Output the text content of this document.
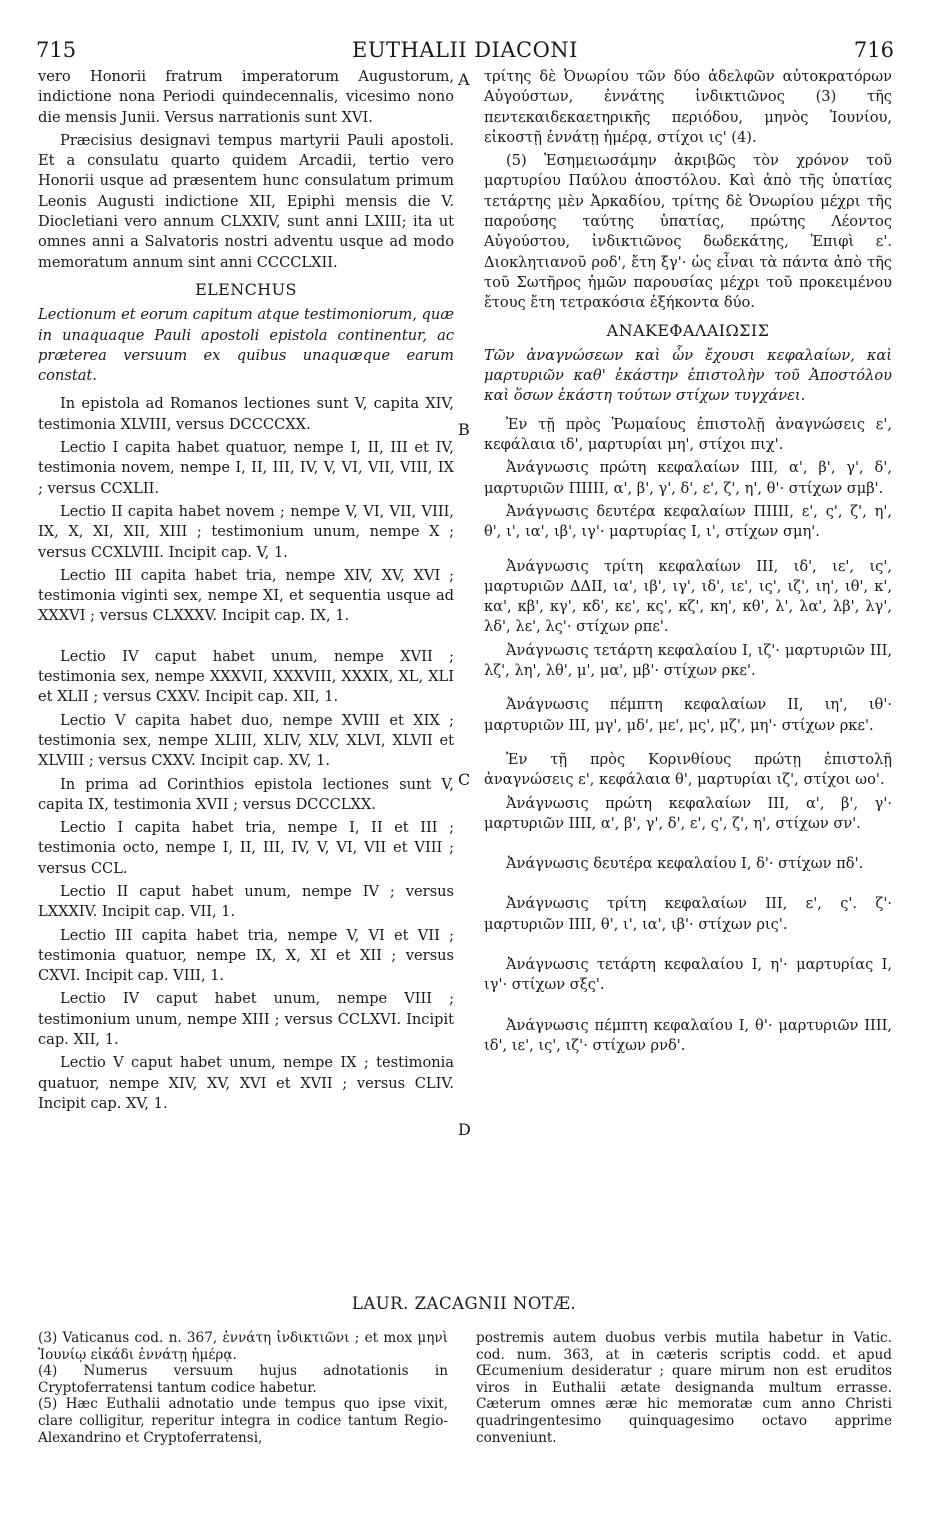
715	EUTHALII DIACONI	716
A
B
C
D

vero Honorii fratrum imperatorum Augustorum, indictione nona Periodi quindecennalis, vicesimo nono die mensis Junii. Versus narrationis sunt XVI.

Præcisius designavi tempus martyrii Pauli apostoli. Et a consulatu quarto quidem Arcadii, tertio vero Honorii usque ad præsentem hunc consulatum primum Leonis Augusti indictione XII, Epiphi mensis die V. Diocletiani vero annum CLXXIV, sunt anni LXIII; ita ut omnes anni a Salvatoris nostri adventu usque ad modo memoratum annum sint anni CCCCLXII.

ELENCHUS

Lectionum et eorum capitum atque testimoniorum, quæ in unaquaque Pauli apostoli epistola continentur, ac præterea versuum ex quibus unaquæque earum constat.

In epistola ad Romanos lectiones sunt V, capita XIV, testimonia XLVIII, versus DCCCCXX.

Lectio I capita habet quatuor, nempe I, II, III et IV, testimonia novem, nempe I, II, III, IV, V, VI, VII, VIII, IX ; versus CCXLII.

Lectio II capita habet novem ; nempe V, VI, VII, VIII, IX, X, XI, XII, XIII ; testimonium unum, nempe X ; versus CCXLVIII. Incipit cap. V, 1.

Lectio III capita habet tria, nempe XIV, XV, XVI ; testimonia viginti sex, nempe XI, et sequentia usque ad XXXVI ; versus CLXXXV. Incipit cap. IX, 1.

Lectio IV caput habet unum, nempe XVII ; testimonia sex, nempe XXXVII, XXXVIII, XXXIX, XL, XLI et XLII ; versus CXXV. Incipit cap. XII, 1.

Lectio V capita habet duo, nempe XVIII et XIX ; testimonia sex, nempe XLIII, XLIV, XLV, XLVI, XLVII et XLVIII ; versus CXXV. Incipit cap. XV, 1.

In prima ad Corinthios epistola lectiones sunt V, capita IX, testimonia XVII ; versus DCCCLXX.

Lectio I capita habet tria, nempe I, II et III ; testimonia octo, nempe I, II, III, IV, V, VI, VII et VIII ; versus CCL.

Lectio II caput habet unum, nempe IV ; versus LXXXIV. Incipit cap. VII, 1.

Lectio III capita habet tria, nempe V, VI et VII ; testimonia quatuor, nempe IX, X, XI et XII ; versus CXVI. Incipit cap. VIII, 1.

Lectio IV caput habet unum, nempe VIII ; testimonium unum, nempe XIII ; versus CCLXVI. Incipit cap. XII, 1.

Lectio V caput habet unum, nempe IX ; testimonia quatuor, nempe XIV, XV, XVI et XVII ; versus CLIV. Incipit cap. XV, 1.

τρίτης δὲ Ὀνωρίου τῶν δύο ἀδελφῶν αὐτοκρατόρων Αὐγούστων, ἐννάτης ἰνδικτιῶνος (3) τῆς πεντεκαιδεκαετηρικῆς περιόδου, μηνὸς Ἰουνίου, εἰκοστῇ ἐννάτῃ ἡμέρᾳ, στίχοι ις' (4).

(5) Ἐσημειωσάμην ἀκριβῶς τὸν χρόνον τοῦ μαρτυρίου Παύλου ἀποστόλου. Καὶ ἀπὸ τῆς ὑπατίας τετάρτης μὲν Ἀρκαδίου, τρίτης δὲ Ὀνωρίου μέχρι τῆς παρούσης ταύτης ὑπατίας, πρώτης Λέοντος Αὐγούστου, ἰνδικτιῶνος δωδεκάτης, Ἐπιφὶ ε'. Διοκλητιανοῦ ροδ', ἔτη ξγ'· ὡς εἶναι τὰ πάντα ἀπὸ τῆς τοῦ Σωτῆρος ἡμῶν παρουσίας μέχρι τοῦ προκειμένου ἔτους ἔτη τετρακόσια ἑξήκοντα δύο.

ΑΝΑΚΕΦΑΛΑΙΩΣΙΣ

Τῶν ἀναγνώσεων καὶ ὧν ἔχουσι κεφαλαίων, καὶ μαρτυριῶν καθ' ἑκάστην ἐπιστολὴν τοῦ Ἀποστόλου καὶ ὅσων ἑκάστη τούτων στίχων τυγχάνει.

Ἐν τῇ πρὸς Ῥωμαίους ἐπιστολῇ ἀναγνώσεις ε', κεφάλαια ιδ', μαρτυρίαι μη', στίχοι πιχ'.

Ἀνάγνωσις πρώτη κεφαλαίων ΙΙΙΙ, α', β', γ', δ', μαρτυριῶν ΠΙΙΙΙ, α', β', γ', δ', ε', ζ', η', θ'· στίχων σμβ'.

Ἀνάγνωσις δευτέρα κεφαλαίων ΠΙΙΙΙ, ε', ς', ζ', η', θ', ι', ια', ιβ', ιγ'· μαρτυρίας Ι, ι', στίχων σμη'.

Ἀνάγνωσις τρίτη κεφαλαίων ΙΙΙ, ιδ', ιε', ις', μαρτυριῶν ΔΔΙΙ, ια', ιβ', ιγ', ιδ', ιε', ις', ιζ', ιη', ιθ', κ', κα', κβ', κγ', κδ', κε', κς', κζ', κη', κθ', λ', λα', λβ', λγ', λδ', λε', λς'· στίχων ρπε'.

Ἀνάγνωσις τετάρτη κεφαλαίου Ι, ιζ'· μαρτυριῶν ΙΙΙ, λζ', λη', λθ', μ', μα', μβ'· στίχων ρκε'.

Ἀνάγνωσις πέμπτη κεφαλαίων ΙΙ, ιη', ιθ'· μαρτυριῶν ΙΙΙ, μγ', μδ', με', μς', μζ', μη'· στίχων ρκε'.

Ἐν τῇ πρὸς Κορινθίους πρώτῃ ἐπιστολῇ ἀναγνώσεις ε', κεφάλαια θ', μαρτυρίαι ιζ', στίχοι ωο'.

Ἀνάγνωσις πρώτη κεφαλαίων ΙΙΙ, α', β', γ'· μαρτυριῶν ΙΙΙΙ, α', β', γ', δ', ε', ς', ζ', η', στίχων σν'.

Ἀνάγνωσις δευτέρα κεφαλαίου Ι, δ'· στίχων πδ'.

Ἀνάγνωσις τρίτη κεφαλαίων ΙΙΙ, ε', ς'. ζ'· μαρτυριῶν ΙΙΙΙ, θ', ι', ια', ιβ'· στίχων ρις'.

Ἀνάγνωσις τετάρτη κεφαλαίου Ι, η'· μαρτυρίας Ι, ιγ'· στίχων σξς'.

Ἀνάγνωσις πέμπτη κεφαλαίου Ι, θ'· μαρτυριῶν ΙΙΙΙ, ιδ', ιε', ις', ιζ'· στίχων ρνδ'.

LAUR. ZACAGNII NOTÆ.

(3) Vaticanus cod. n. 367, ἐννάτη ἰνδικτιῶνι ; et mox μηνὶ Ἰουνίῳ εἰκάδι ἐννάτῃ ἡμέρᾳ.

(4) Numerus versuum hujus adnotationis in Cryptoferratensi tantum codice habetur.

(5) Hæc Euthalii adnotatio unde tempus quo ipse vixit, clare colligitur, reperitur integra in codice tantum Regio-Alexandrino et Cryptoferratensi,

postremis autem duobus verbis mutila habetur in Vatic. cod. num. 363, at in cæteris scriptis codd. et apud Œcumenium desideratur ; quare mirum non est eruditos viros in Euthalii ætate designanda multum errasse. Cæterum omnes æræ hic memoratæ cum anno Christi quadringentesimo quinquagesimo octavo apprime conveniunt.
